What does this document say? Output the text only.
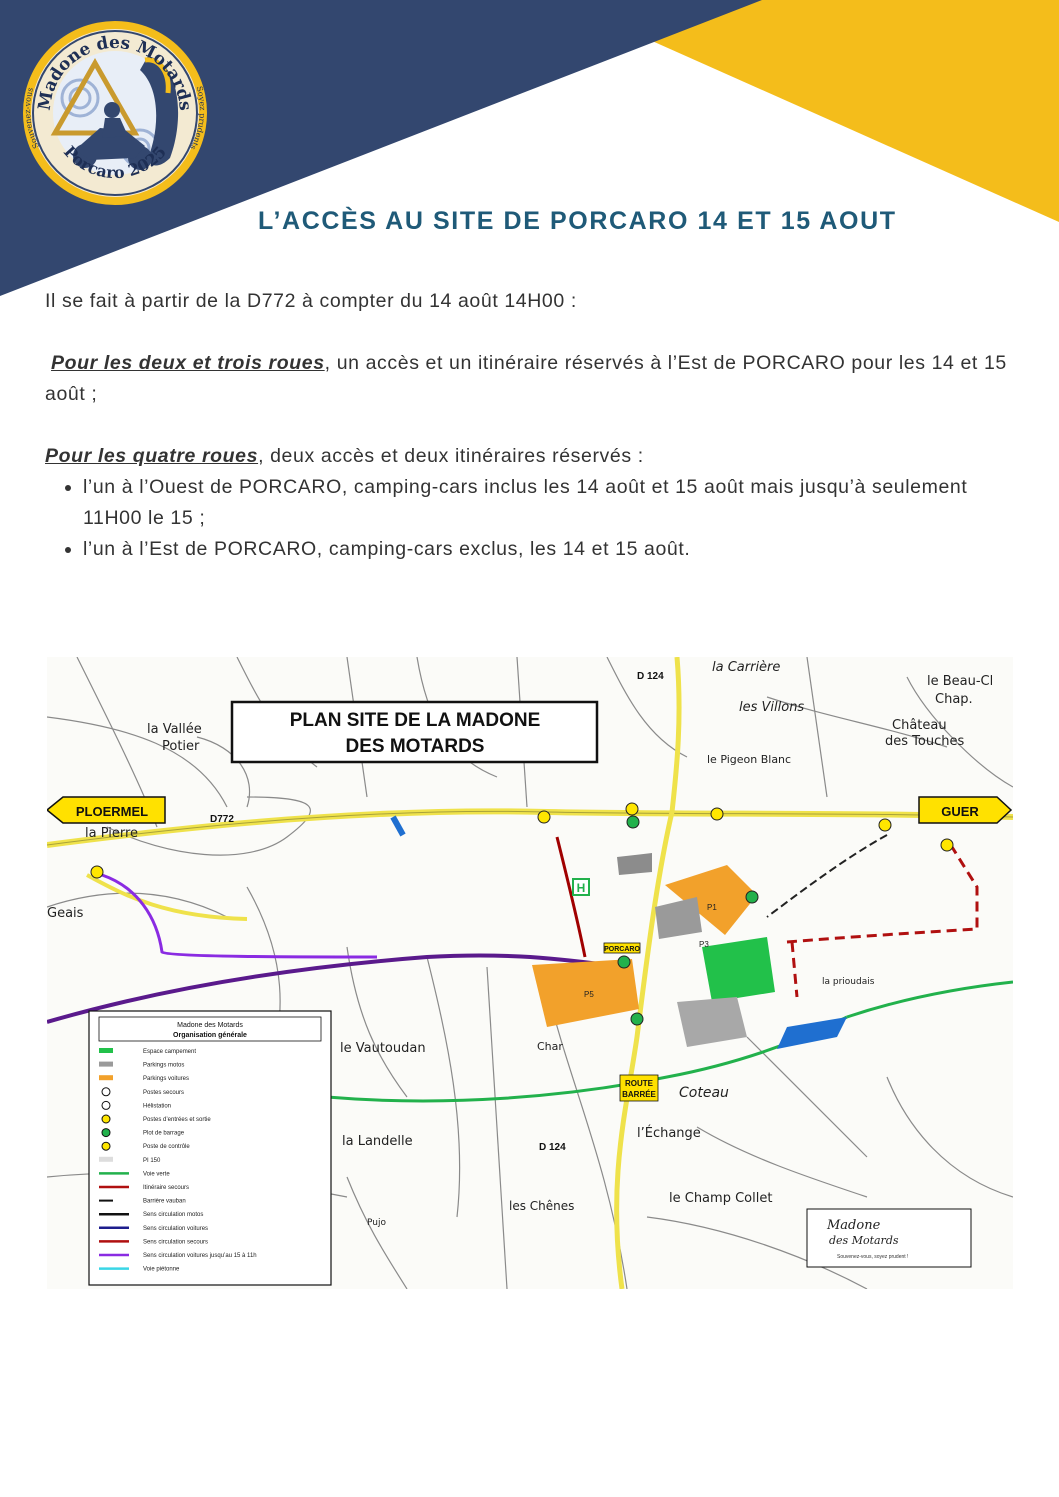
Madone des Motards
Porcaro 2025
Souvenez-vous	Soyez prudents
L’ACCÈS AU SITE DE PORCARO 14 ET 15 AOUT

Il se fait à partir de la D772 à compter du 14 août 14H00 :

Pour les deux et trois roues, un accès et un itinéraire réservés à l’Est de PORCARO pour les 14 et 15 août ;

Pour les quatre roues, deux accès et deux itinéraires réservés :

• l’un à l’Ouest de PORCARO, camping-cars inclus les 14 août et 15 août mais jusqu’à seulement 11H00 le 15 ;
• l’un à l’Est de PORCARO, camping-cars exclus, les 14 et 15 août.
PLAN SITE DE LA MADONE
DES MOTARDS
PLOERMEL	GUER
D772
D 124
D 124
la Carrière
les Villons
le Beau-Cl
Chap.
Château
des Touches
le Pigeon Blanc
la Vallée
Potier
la Pierre
Geais
le Vautoudan
la Landelle
Coteau
l’Échange
le Champ Collet
les Chênes
la prioudais
Char
Pujo
P1
P5
P3
PORCARO
ROUTE
BARRÉE
H
Madone des Motards
Organisation générale
Espace campement
Parkings motos
Parkings voitures
Postes secours
Hélistation
Postes d’entrées et sortie
Plot de barrage
Poste de contrôle
PI 150
Voie verte
Itinéraire secours
Barrière vauban
Sens circulation motos
Sens circulation voitures
Sens circulation secours
Sens circulation voitures jusqu’au 15 à 11h
Voie piétonne
Madone
des Motards
Souvenez-vous, soyez prudent !
